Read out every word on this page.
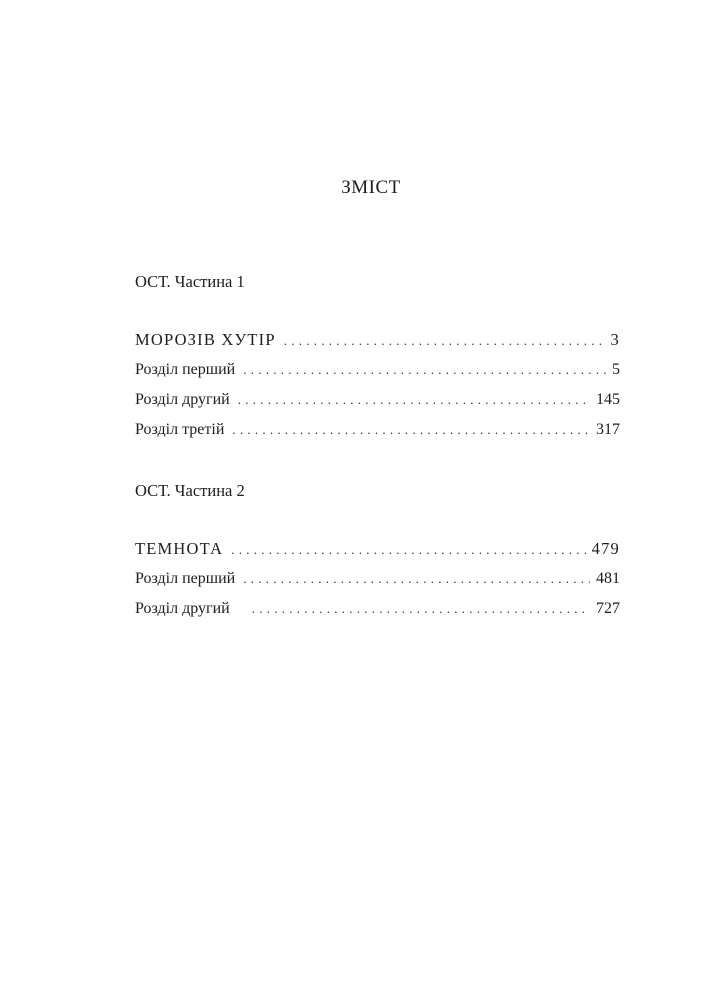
ЗМІСТ
ОСТ. Частина 1
МОРОЗІВ ХУТІР . . .	3
Розділ перший . . .	5
Розділ другий . . .	145
Розділ третій . . .	317
ОСТ. Частина 2
ТЕМНОТА . . .	479
Розділ перший . . .	481
Розділ другий . . .	727
